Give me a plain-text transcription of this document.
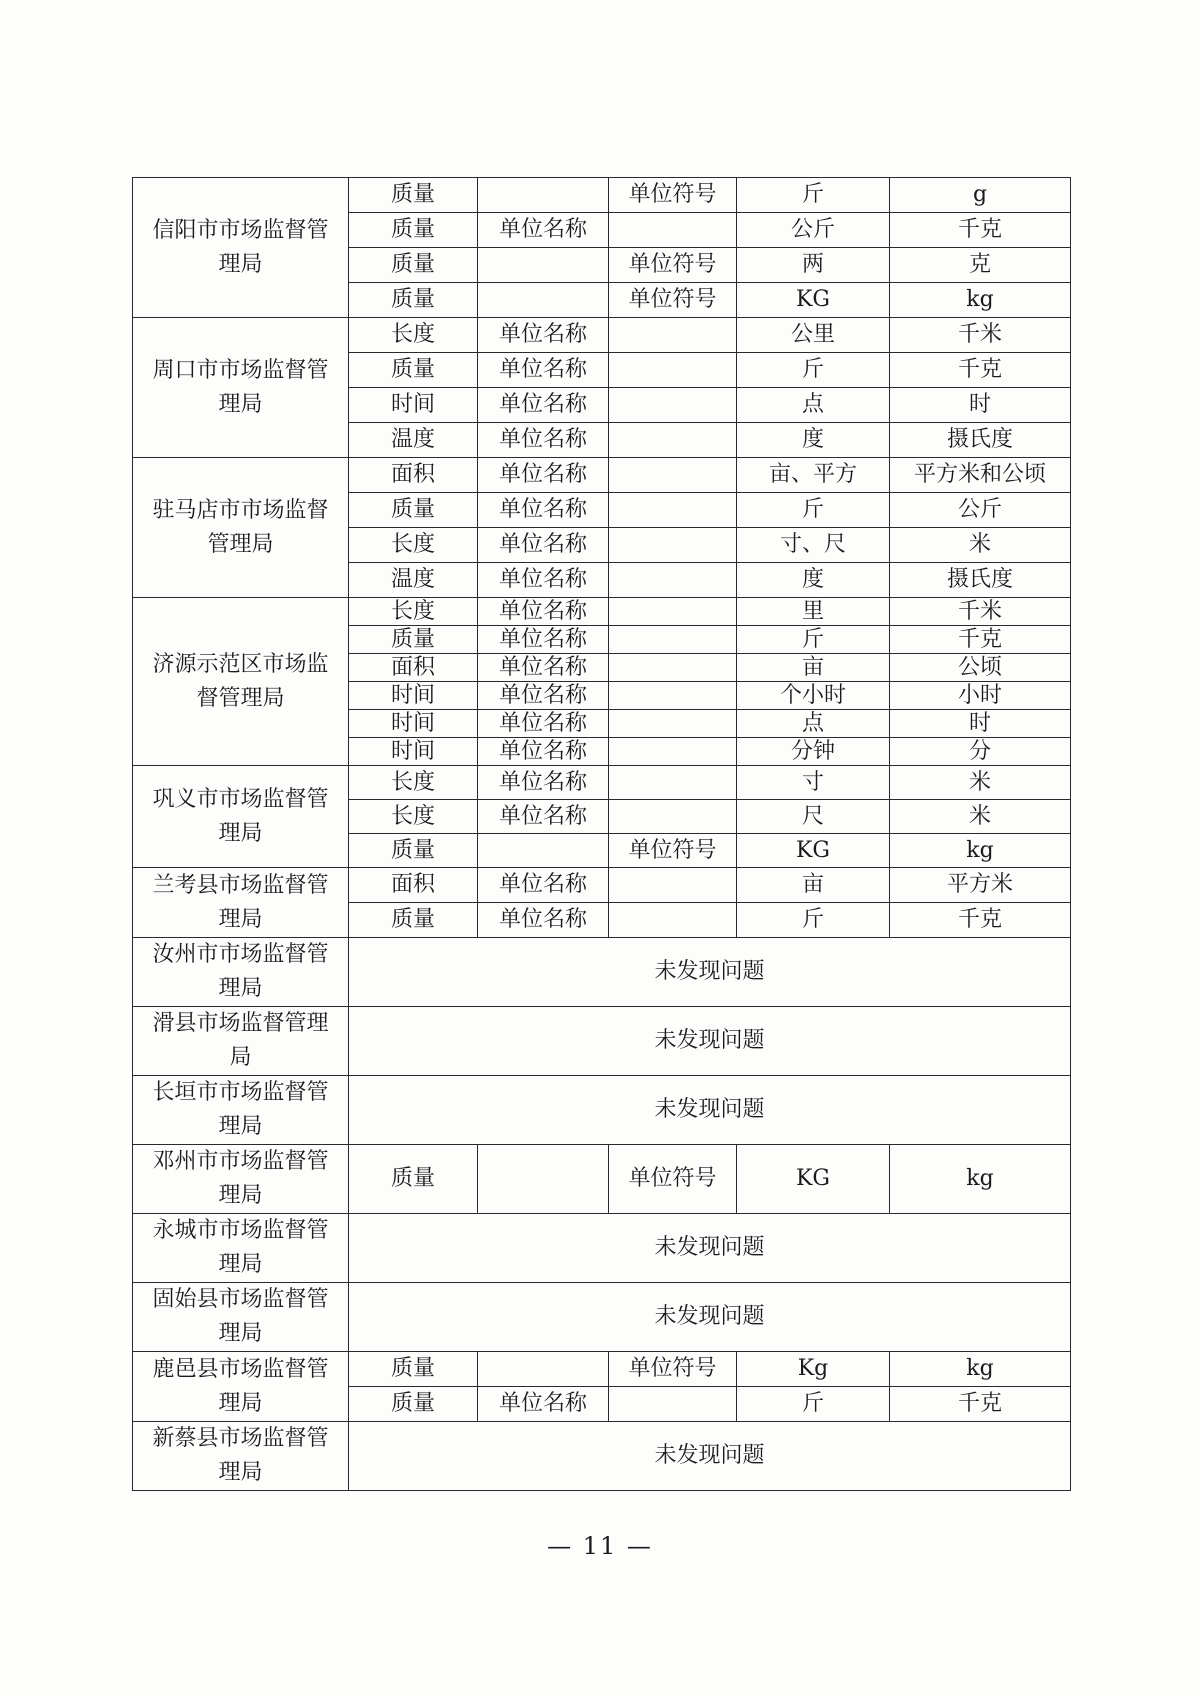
信阳市市场监督管理局	质量		单位符号	斤	g
	质量	单位名称		公斤	千克
	质量		单位符号	两	克
	质量		单位符号	KG	kg
周口市市场监督管理局	长度	单位名称		公里	千米
	质量	单位名称		斤	千克
	时间	单位名称		点	时
	温度	单位名称		度	摄氏度
驻马店市市场监督管理局	面积	单位名称		亩、平方	平方米和公顷
	质量	单位名称		斤	公斤
	长度	单位名称		寸、尺	米
	温度	单位名称		度	摄氏度
济源示范区市场监督管理局	长度	单位名称		里	千米
	质量	单位名称		斤	千克
	面积	单位名称		亩	公顷
	时间	单位名称		个小时	小时
	时间	单位名称		点	时
	时间	单位名称		分钟	分
巩义市市场监督管理局	长度	单位名称		寸	米
	长度	单位名称		尺	米
	质量		单位符号	KG	kg
兰考县市场监督管理局	面积	单位名称		亩	平方米
	质量	单位名称		斤	千克
汝州市市场监督管理局	未发现问题				
滑县市场监督管理局	未发现问题				
长垣市市场监督管理局	未发现问题				
邓州市市场监督管理局	质量		单位符号	KG	kg
永城市市场监督管理局	未发现问题				
固始县市场监督管理局	未发现问题				
鹿邑县市场监督管理局	质量		单位符号	Kg	kg
	质量	单位名称		斤	千克
新蔡县市场监督管理局	未发现问题				
— 11 —
